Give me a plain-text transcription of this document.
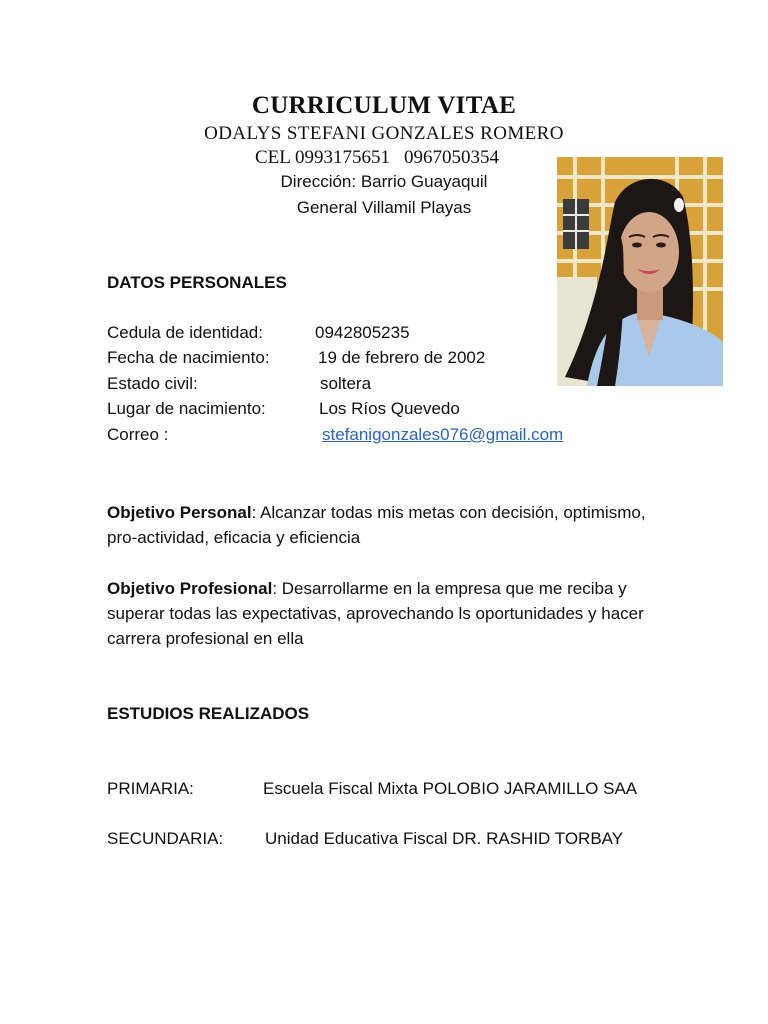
CURRICULUM VITAE
ODALYS STEFANI GONZALES ROMERO
CEL 0993175651 0967050354
Dirección: Barrio Guayaquil
General Villamil Playas
DATOS PERSONALES
Cedula de identidad:	0942805235
Fecha de nacimiento:	19 de febrero de 2002
Estado civil:	soltera
Lugar de nacimiento:	Los Ríos Quevedo
Correo :	stefanigonzales076@gmail.com
Objetivo Personal: Alcanzar todas mis metas con decisión, optimismo, pro-actividad, eficacia y eficiencia
Objetivo Profesional: Desarrollarme en la empresa que me reciba y superar todas las expectativas, aprovechando ls oportunidades y hacer carrera profesional en ella
ESTUDIOS REALIZADOS
PRIMARIA:	Escuela Fiscal Mixta POLOBIO JARAMILLO SAA
SECUNDARIA: Unidad Educativa Fiscal DR. RASHID TORBAY
